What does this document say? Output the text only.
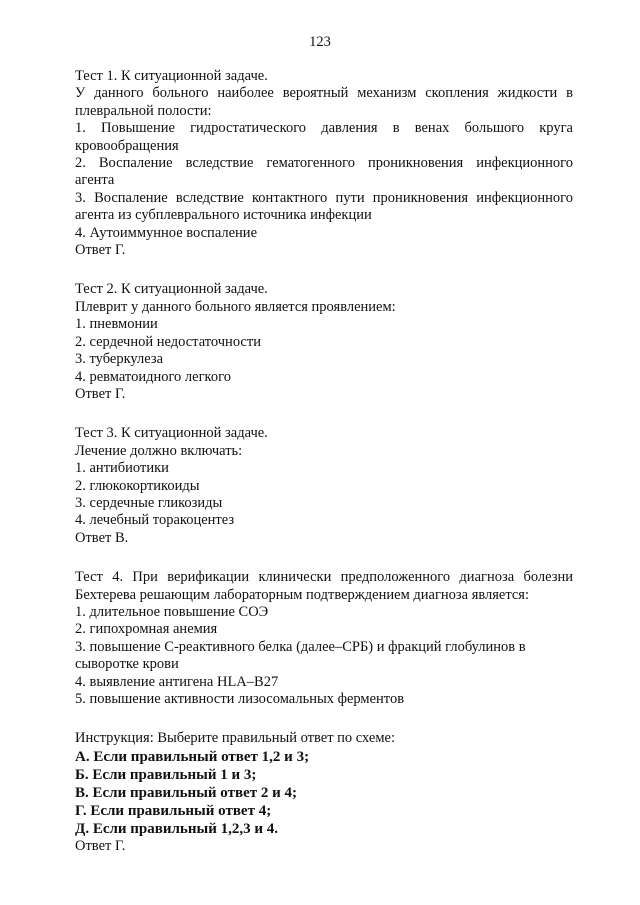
123
Тест 1. К ситуационной задаче.
У данного больного наиболее вероятный механизм скопления жидкости в
плевральной полости:
1. Повышение гидростатического давления в венах большого круга
кровообращения
2. Воспаление вследствие гематогенного проникновения инфекционного
агента
3. Воспаление вследствие контактного пути проникновения инфекционного
агента из субплеврального источника инфекции
4. Аутоиммунное воспаление
Ответ Г.
Тест 2. К ситуационной задаче.
Плеврит у данного больного является проявлением:
1. пневмонии
2. сердечной недостаточности
3. туберкулеза
4. ревматоидного легкого
Ответ Г.
Тест 3. К ситуационной задаче.
Лечение должно включать:
1. антибиотики
2. глюкокортикоиды
3. сердечные гликозиды
4. лечебный торакоцентез
Ответ В.
Тест 4. При верификации клинически предположенного диагноза болезни
Бехтерева решающим лабораторным подтверждением диагноза является:
1. длительное повышение СОЭ
2. гипохромная анемия
3. повышение С-реактивного белка (далее–СРБ) и фракций глобулинов в
сыворотке крови
4. выявление антигена HLA–B27
5. повышение активности лизосомальных ферментов
Инструкция: Выберите правильный ответ по схеме:
А. Если правильный ответ 1,2 и 3;
Б. Если правильный 1 и 3;
В. Если правильный ответ 2 и 4;
Г. Если правильный ответ 4;
Д. Если правильный 1,2,3 и 4.
Ответ Г.
